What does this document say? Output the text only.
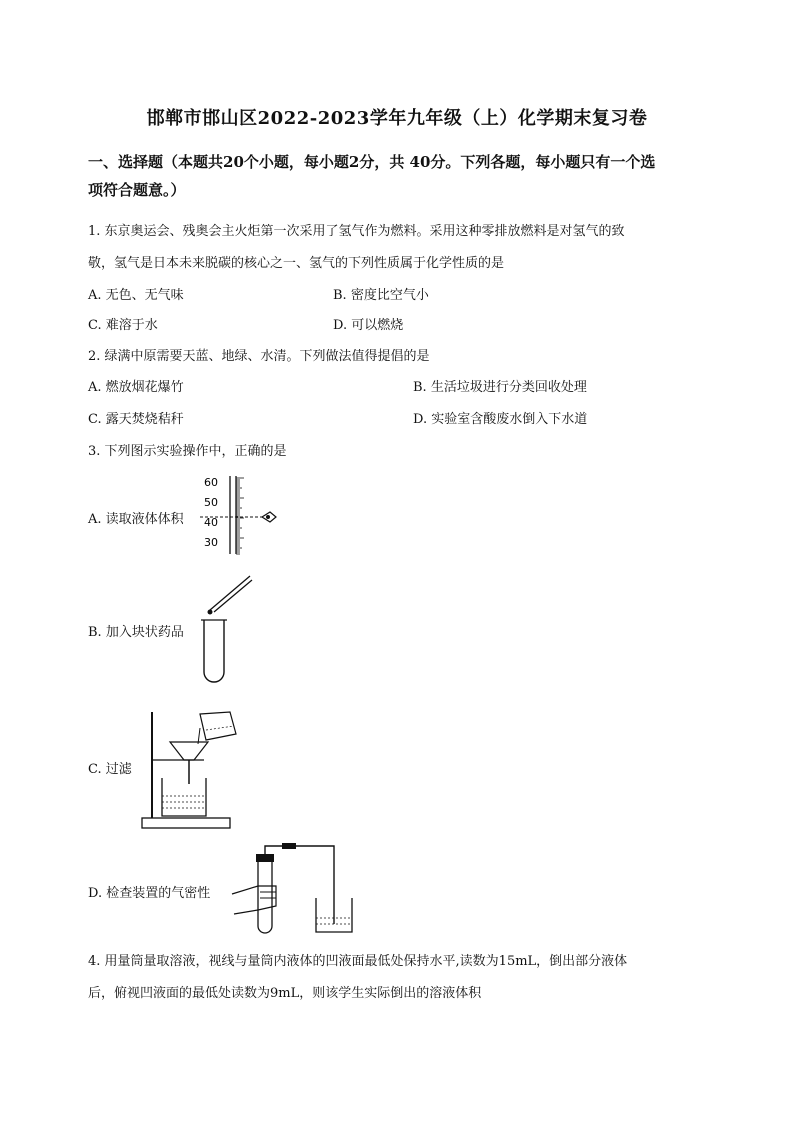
邯郸市邯山区2022-2023学年九年级（上）化学期末复习卷
一、选择题（本题共20个小题，每小题2分，共 40分。下列各题，每小题只有一个选
项符合题意。）
1. 东京奥运会、残奥会主火炬第一次采用了氢气作为燃料。采用这种零排放燃料是对氢气的致
敬，氢气是日本未来脱碳的核心之一、氢气的下列性质属于化学性质的是
A. 无色、无气味	B. 密度比空气小
C. 难溶于水	D. 可以燃烧
2. 绿满中原需要天蓝、地绿、水清。下列做法值得提倡的是
A. 燃放烟花爆竹	B. 生活垃圾进行分类回收处理
C. 露天焚烧秸秆	D. 实验室含酸废水倒入下水道
3. 下列图示实验操作中，正确的是
A. 读取液体体积
60
50
40
30
B. 加入块状药品
C. 过滤
D. 检查装置的气密性
4. 用量筒量取溶液，视线与量筒内液体的凹液面最低处保持水平,读数为15mL，倒出部分液体
后，俯视凹液面的最低处读数为9mL，则该学生实际倒出的溶液体积
